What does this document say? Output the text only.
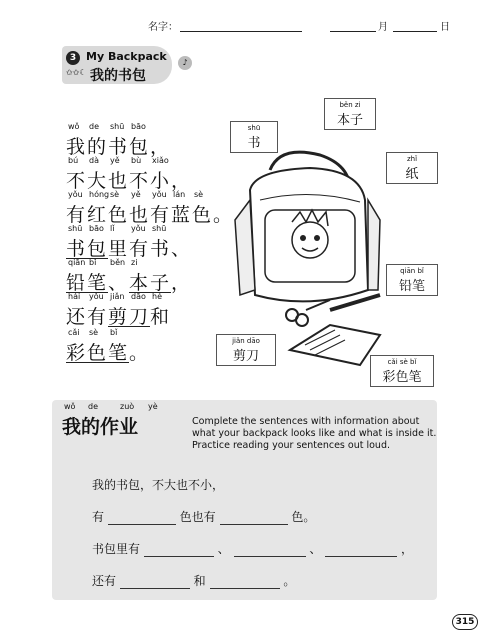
名字：	月	日
3 My Backpack
✩✩☾ 我的书包
♪
wǒ de shū bāo
我的书包，
bú dà yě bù xiǎo
不大也不小，
yǒu hóng sè yě yǒu lán sè
有红色也有蓝色。
shū bāo lǐ yǒu shū
书包里有书、
qiān bǐ běn zi
铅笔、本子，
hái yǒu jiǎn dāo hé
还有剪刀和
cǎi sè bǐ
彩色笔。
shū
书
běn zi
本子
zhǐ
纸
qiān bǐ
铅笔
jiǎn dāo
剪刀	cǎi sè bǐ
彩色笔
wǒ de	zuò yè
我的作业	Complete the sentences with information about what your backpack looks like and what is inside it. Practice reading your sentences out loud.
我的书包，不大也不小，
有	色也有	色。
书包里有	、	、	，
还有	和	。
315
